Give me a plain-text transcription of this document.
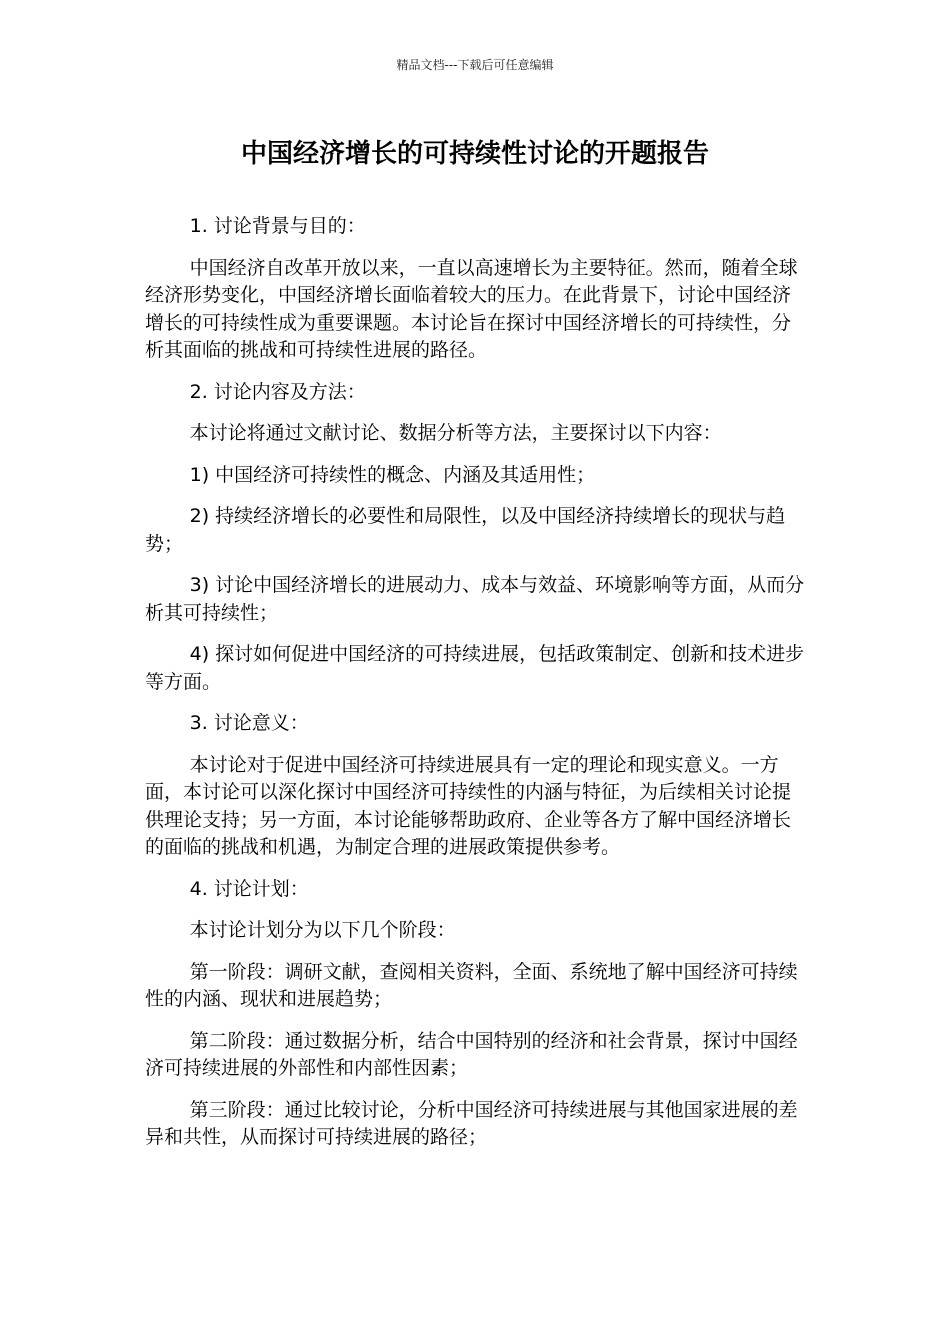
精品文档---下载后可任意编辑
中国经济增长的可持续性讨论的开题报告

1. 讨论背景与目的：

中国经济自改革开放以来，一直以高速增长为主要特征。然而，随着全球经济形势变化，中国经济增长面临着较大的压力。在此背景下，讨论中国经济增长的可持续性成为重要课题。本讨论旨在探讨中国经济增长的可持续性，分析其面临的挑战和可持续性进展的路径。

2. 讨论内容及方法：

本讨论将通过文献讨论、数据分析等方法，主要探讨以下内容：

1) 中国经济可持续性的概念、内涵及其适用性；

2) 持续经济增长的必要性和局限性，以及中国经济持续增长的现状与趋势；

3) 讨论中国经济增长的进展动力、成本与效益、环境影响等方面，从而分析其可持续性；

4) 探讨如何促进中国经济的可持续进展，包括政策制定、创新和技术进步等方面。

3. 讨论意义：

本讨论对于促进中国经济可持续进展具有一定的理论和现实意义。一方面，本讨论可以深化探讨中国经济可持续性的内涵与特征，为后续相关讨论提供理论支持；另一方面，本讨论能够帮助政府、企业等各方了解中国经济增长的面临的挑战和机遇，为制定合理的进展政策提供参考。

4. 讨论计划：

本讨论计划分为以下几个阶段：

第一阶段：调研文献，查阅相关资料，全面、系统地了解中国经济可持续性的内涵、现状和进展趋势；

第二阶段：通过数据分析，结合中国特别的经济和社会背景，探讨中国经济可持续进展的外部性和内部性因素；

第三阶段：通过比较讨论，分析中国经济可持续进展与其他国家进展的差异和共性，从而探讨可持续进展的路径；
